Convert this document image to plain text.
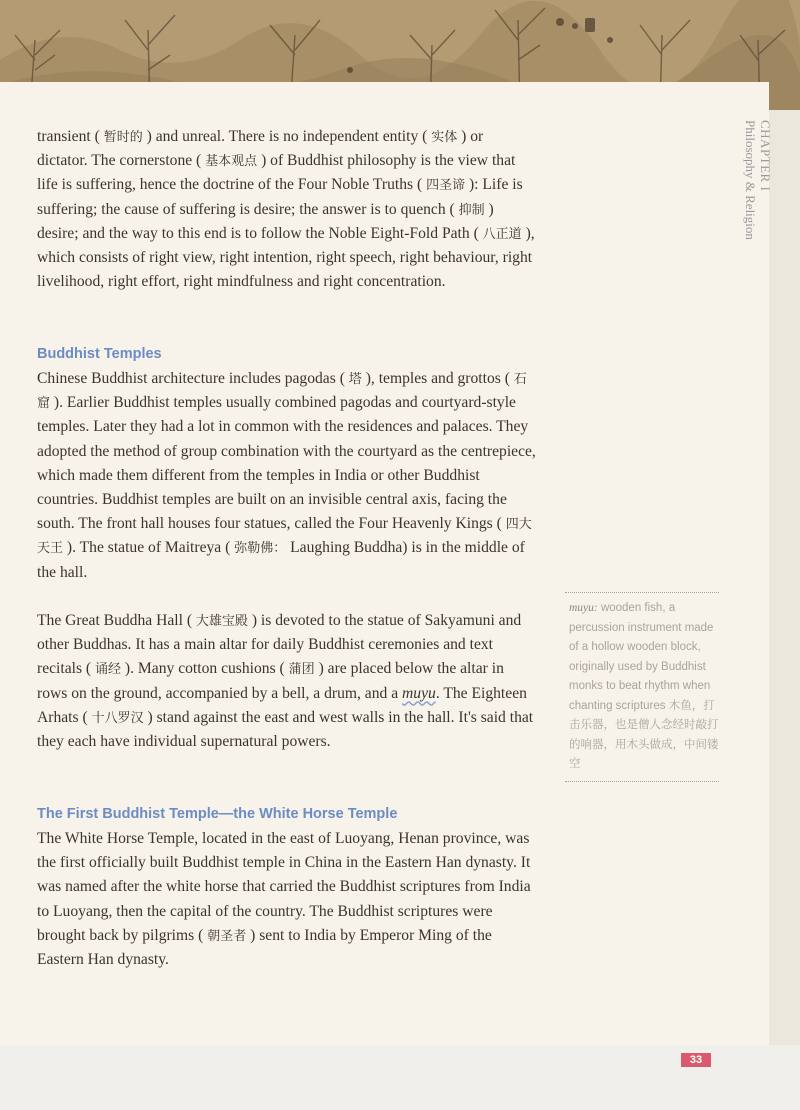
CHAPTER I
Philosophy & Religion

transient ( 暂时的 ) and unreal. There is no independent entity ( 实体 ) or dictator. The cornerstone ( 基本观点 ) of Buddhist philosophy is the view that life is suffering, hence the doctrine of the Four Noble Truths ( 四圣谛 ): Life is suffering; the cause of suffering is desire; the answer is to quench ( 抑制 ) desire; and the way to this end is to follow the Noble Eight-Fold Path ( 八正道 ), which consists of right view, right intention, right speech, right behaviour, right livelihood, right effort, right mindfulness and right concentration.

Buddhist Temples

Chinese Buddhist architecture includes pagodas ( 塔 ), temples and grottos ( 石窟 ). Earlier Buddhist temples usually combined pagodas and courtyard-style temples. Later they had a lot in common with the residences and palaces. They adopted the method of group combination with the courtyard as the centrepiece, which made them different from the temples in India or other Buddhist countries. Buddhist temples are built on an invisible central axis, facing the south. The front hall houses four statues, called the Four Heavenly Kings ( 四大天王 ). The statue of Maitreya ( 弥勒佛： Laughing Buddha) is in the middle of the hall.

The Great Buddha Hall ( 大雄宝殿 ) is devoted to the statue of Sakyamuni and other Buddhas. It has a main altar for daily Buddhist ceremonies and text recitals ( 诵经 ). Many cotton cushions ( 蒲团 ) are placed below the altar in rows on the ground, accompanied by a bell, a drum, and a muyu. The Eighteen Arhats ( 十八罗汉 ) stand against the east and west walls in the hall. It's said that they each have individual supernatural powers.

The First Buddhist Temple—the White Horse Temple

The White Horse Temple, located in the east of Luoyang, Henan province, was the first officially built Buddhist temple in China in the Eastern Han dynasty. It was named after the white horse that carried the Buddhist scriptures from India to Luoyang, then the capital of the country. The Buddhist scriptures were brought back by pilgrims ( 朝圣者 ) sent to India by Emperor Ming of the Eastern Han dynasty.

muyu: wooden fish, a percussion instrument made of a hollow wooden block, originally used by Buddhist monks to beat rhythm when chanting scriptures 木鱼，打击乐器，也是僧人念经时敲打的响器，用木头做成，中间镂空
33
